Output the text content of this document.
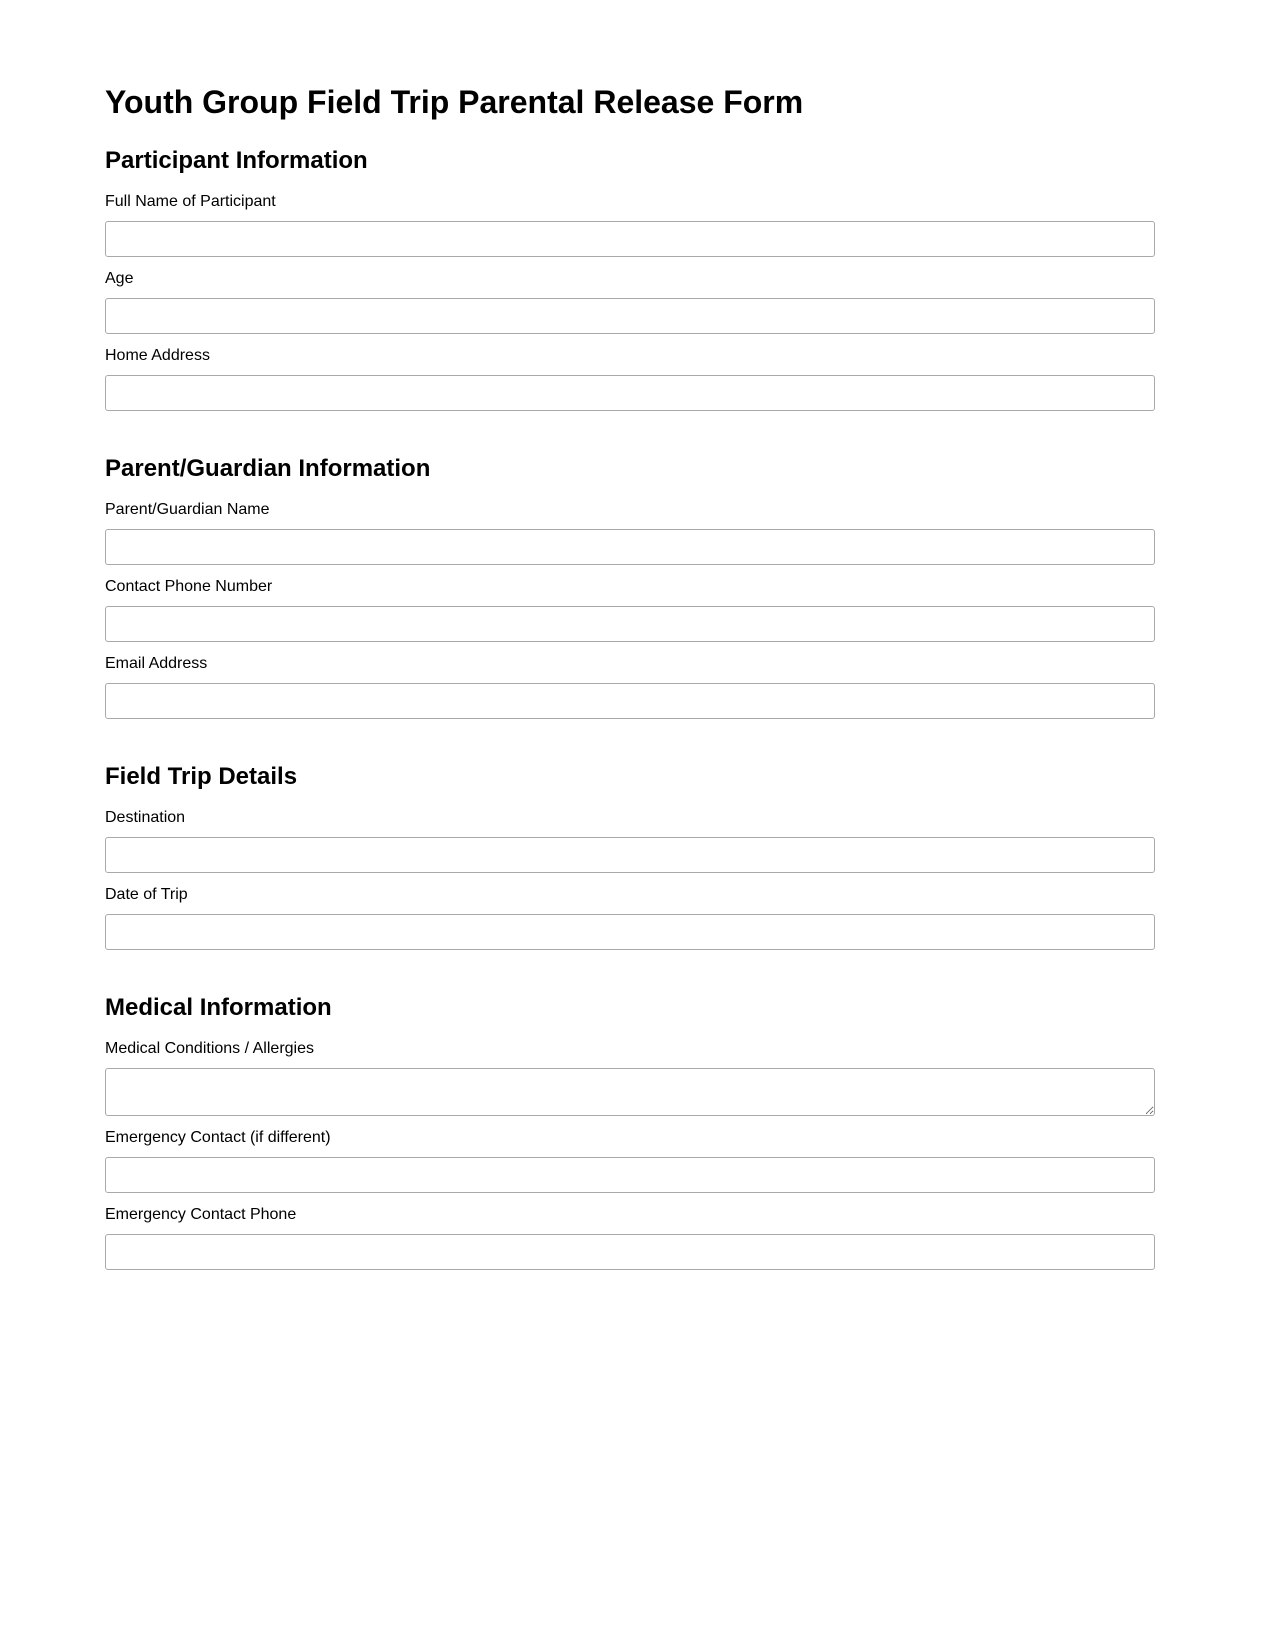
Youth Group Field Trip Parental Release Form
Participant Information
Full Name of Participant
Age
Home Address
Parent/Guardian Information
Parent/Guardian Name
Contact Phone Number
Email Address
Field Trip Details
Destination
Date of Trip
Medical Information
Medical Conditions / Allergies
Emergency Contact (if different)
Emergency Contact Phone
